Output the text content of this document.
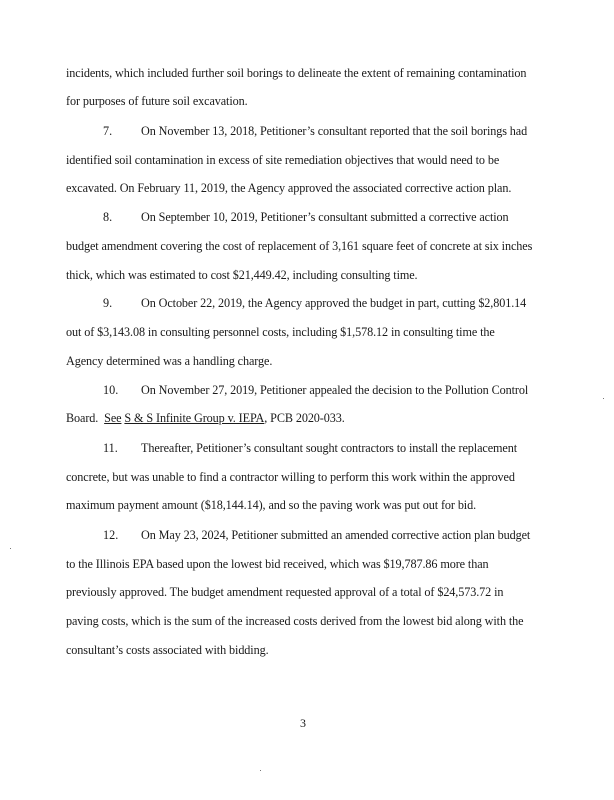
incidents, which included further soil borings to delineate the extent of remaining contamination
for purposes of future soil excavation.
7. On November 13, 2018, Petitioner’s consultant reported that the soil borings had
identified soil contamination in excess of site remediation objectives that would need to be
excavated. On February 11, 2019, the Agency approved the associated corrective action plan.
8. On September 10, 2019, Petitioner’s consultant submitted a corrective action
budget amendment covering the cost of replacement of 3,161 square feet of concrete at six inches
thick, which was estimated to cost $21,449.42, including consulting time.
9. On October 22, 2019, the Agency approved the budget in part, cutting $2,801.14
out of $3,143.08 in consulting personnel costs, including $1,578.12 in consulting time the
Agency determined was a handling charge.
10. On November 27, 2019, Petitioner appealed the decision to the Pollution Control
Board.  See S & S Infinite Group v. IEPA, PCB 2020-033.
11. Thereafter, Petitioner’s consultant sought contractors to install the replacement
concrete, but was unable to find a contractor willing to perform this work within the approved
maximum payment amount ($18,144.14), and so the paving work was put out for bid.
12. On May 23, 2024, Petitioner submitted an amended corrective action plan budget
to the Illinois EPA based upon the lowest bid received, which was $19,787.86 more than
previously approved. The budget amendment requested approval of a total of $24,573.72 in
paving costs, which is the sum of the increased costs derived from the lowest bid along with the
consultant’s costs associated with bidding.
3
